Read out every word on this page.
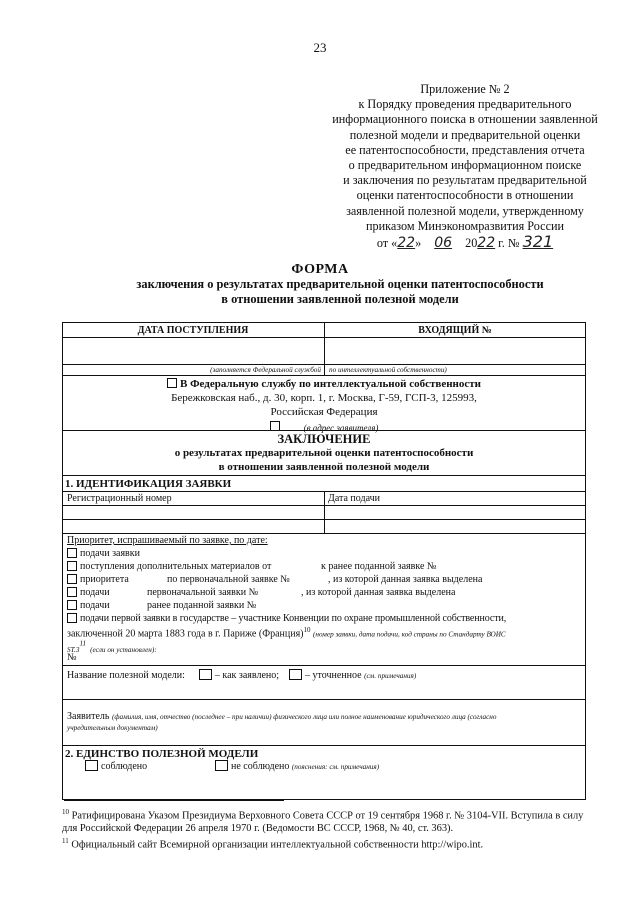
23
Приложение № 2
к Порядку проведения предварительного
информационного поиска в отношении заявленной
полезной модели и предварительной оценки
ее патентоспособности, представления отчета
о предварительном информационном поиске
и заключения по результатам предварительной
оценки патентоспособности в отношении
заявленной полезной модели, утвержденному
приказом Минэкономразвития России
от «22» 06 2022 г. № 321
ФОРМА
заключения о результатах предварительной оценки патентоспособности
в отношении заявленной полезной модели
ДАТА ПОСТУПЛЕНИЯ	ВХОДЯЩИЙ №
(заполняется Федеральной службой по интеллектуальной собственности)
В Федеральную службу по интеллектуальной собственности
Бережковская наб., д. 30, корп. 1, г. Москва, Г-59, ГСП-3, 125993,
Российская Федерация
(в адрес заявителя)
ЗАКЛЮЧЕНИЕ
о результатах предварительной оценки патентоспособности
в отношении заявленной полезной модели
1. ИДЕНТИФИКАЦИЯ ЗАЯВКИ
Регистрационный номер	Дата подачи
Приоритет, испрашиваемый по заявке, по дате:
подачи заявки
поступления дополнительных материалов от	к ранее поданной заявке №
приоритета	по первоначальной заявке №	, из которой данная заявка выделена
подачи	первоначальной заявки №	, из которой данная заявка выделена
подачи	ранее поданной заявки №
подачи первой заявки в государстве – участнике Конвенции по охране промышленной собственности,
заключенной 20 марта 1883 года в г. Париже (Франция)$^{10}$ (номер заявки, дата подачи, код страны по Стандарту ВОИС
$ST.3^{11}$ (если он установлен):
№
Название полезной модели:	– как заявлено;	– уточненное (см. примечания)
Заявитель (фамилия, имя, отчество (последнее – при наличии) физического лица или полное наименование юридического лица (согласно
учредительным документам)
2. ЕДИНСТВО ПОЛЕЗНОЙ МОДЕЛИ
соблюдено	не соблюдено (пояснения: см. примечания)
$^{10}$ Ратифицирована Указом Президиума Верховного Совета СССР от 19 сентября 1968 г. № 3104-VII. Вступила в силу для Российской Федерации 26 апреля 1970 г. (Ведомости ВС СССР, 1968, № 40, ст. 363).
$^{11}$ Официальный сайт Всемирной организации интеллектуальной собственности http://wipo.int.
